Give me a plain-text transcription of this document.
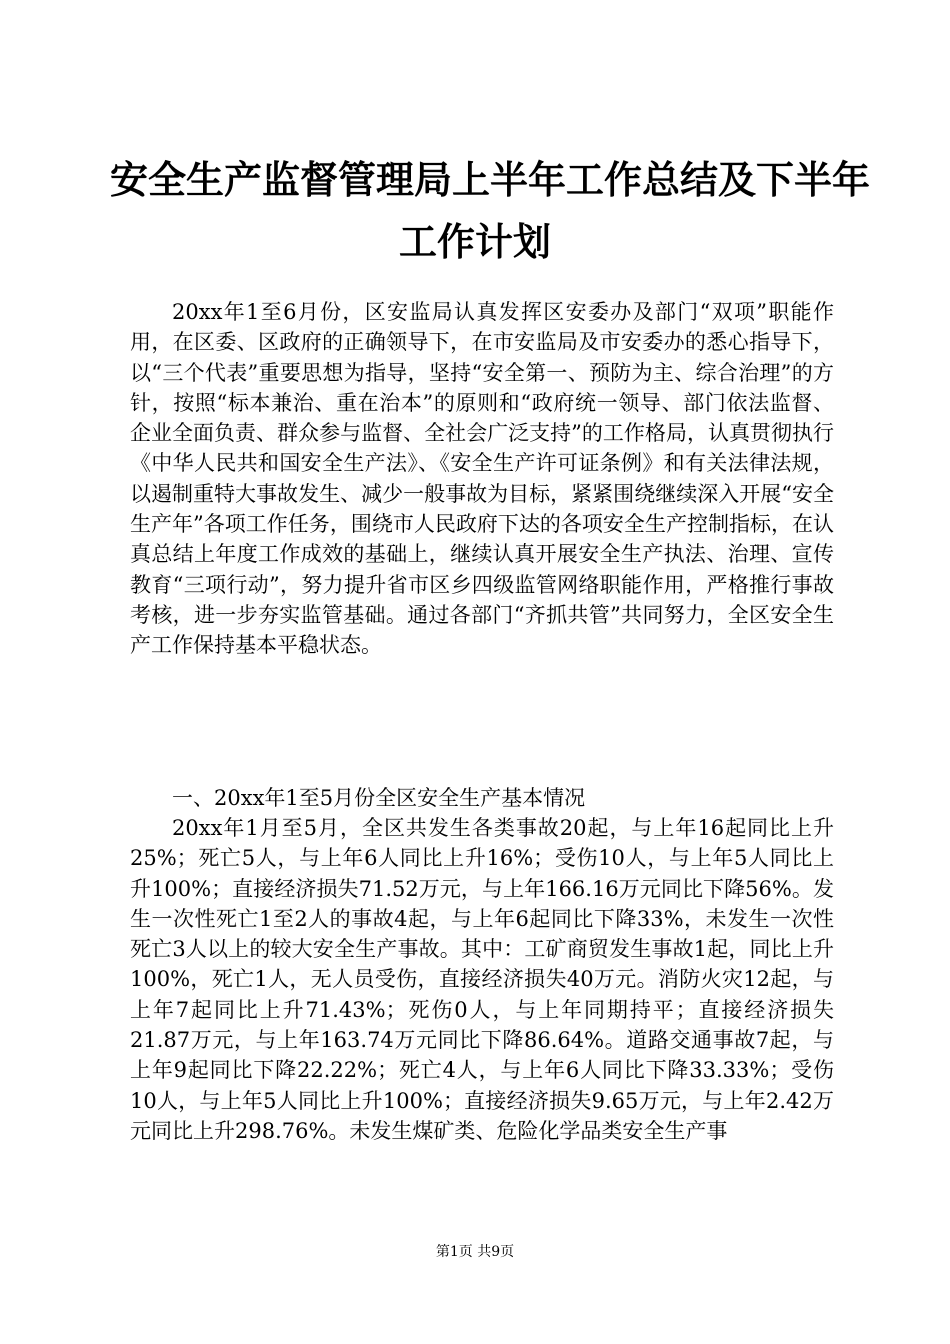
安全生产监督管理局上半年工作总结及下半年
工作计划

20xx年1至6月份，区安监局认真发挥区安委办及部门“双项”职能作用，在区委、区政府的正确领导下，在市安监局及市安委办的悉心指导下，以“三个代表”重要思想为指导，坚持“安全第一、预防为主、综合治理”的方针，按照“标本兼治、重在治本”的原则和“政府统一领导、部门依法监督、企业全面负责、群众参与监督、全社会广泛支持”的工作格局，认真贯彻执行《中华人民共和国安全生产法》、《安全生产许可证条例》和有关法律法规，以遏制重特大事故发生、减少一般事故为目标，紧紧围绕继续深入开展“安全生产年”各项工作任务，围绕市人民政府下达的各项安全生产控制指标，在认真总结上年度工作成效的基础上，继续认真开展安全生产执法、治理、宣传教育“三项行动”，努力提升省市区乡四级监管网络职能作用，严格推行事故考核，进一步夯实监管基础。通过各部门“齐抓共管”共同努力，全区安全生产工作保持基本平稳状态。

一、20xx年1至5月份全区安全生产基本情况

20xx年1月至5月，全区共发生各类事故20起，与上年16起同比上升25%；死亡5人，与上年6人同比上升16%；受伤10人，与上年5人同比上升100%；直接经济损失71.52万元，与上年166.16万元同比下降56%。发生一次性死亡1至2人的事故4起，与上年6起同比下降33%，未发生一次性死亡3人以上的较大安全生产事故。其中：工矿商贸发生事故1起，同比上升100%，死亡1人，无人员受伤，直接经济损失40万元。消防火灾12起，与上年7起同比上升71.43%；死伤0人，与上年同期持平；直接经济损失21.87万元，与上年163.74万元同比下降86.64%。道路交通事故7起，与上年9起同比下降22.22%；死亡4人，与上年6人同比下降33.33%；受伤10人，与上年5人同比上升100%；直接经济损失9.65万元，与上年2.42万元同比上升298.76%。未发生煤矿类、危险化学品类安全生产事

第1页 共9页
